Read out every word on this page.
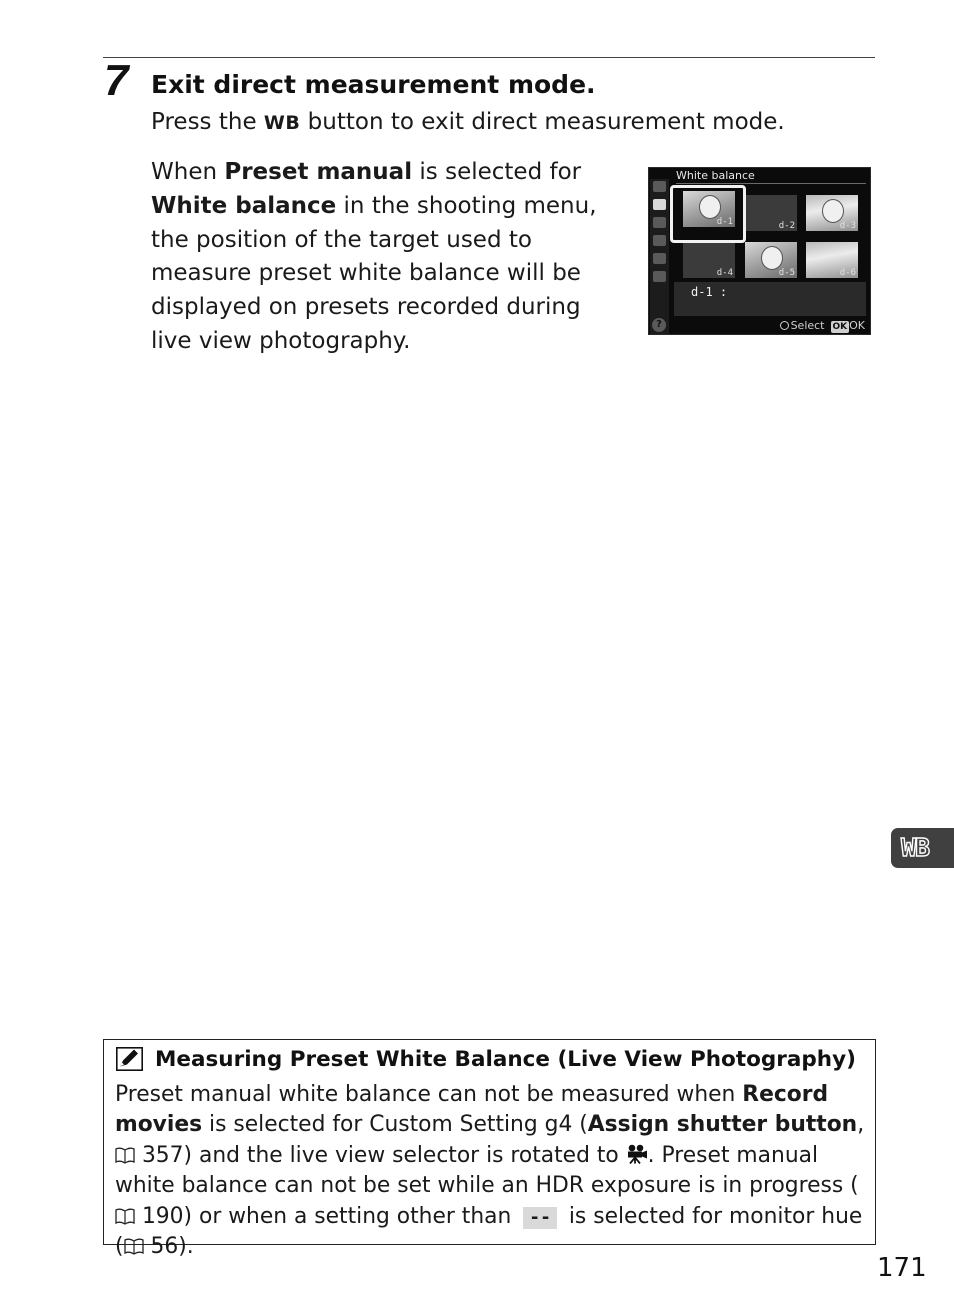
7 Exit direct measurement mode.
Press the WB button to exit direct measurement mode.
When Preset manual is selected for White balance in the shooting menu, the position of the target used to measure preset white balance will be displayed on presets recorded during live view photography.
?
White balance
d-1	d-2	d-3
d-4	d-5	d-6
d-1 :
Select OK OK
WB
Measuring Preset White Balance (Live View Photography)
Preset manual white balance can not be measured when Record movies is selected for Custom Setting g4 (Assign shutter button,  357) and the live view selector is rotated to . Preset manual white balance can not be set while an HDR exposure is in progress ( 190) or when a setting other than -- is selected for monitor hue ( 56).
171
